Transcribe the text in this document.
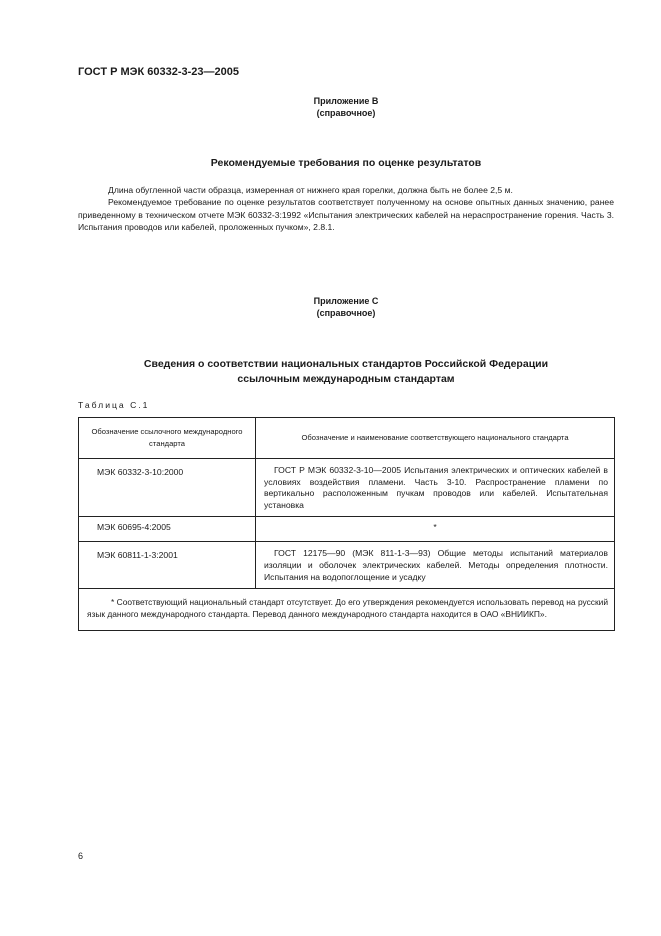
ГОСТ Р МЭК 60332-3-23—2005
Приложение B
(справочное)
Рекомендуемые требования по оценке результатов

Длина обугленной части образца, измеренная от нижнего края горелки, должна быть не более 2,5 м.

Рекомендуемое требование по оценке результатов соответствует полученному на основе опытных данных значению, ранее приведенному в техническом отчете МЭК 60332-3:1992 «Испытания электрических кабелей на нераспространение горения. Часть 3. Испытания проводов или кабелей, проложенных пучком», 2.8.1.

Приложение C
(справочное)
Сведения о соответствии национальных стандартов Российской Федерации
ссылочным международным стандартам
Таблица C.1
Обозначение ссылочного международного стандарта	Обозначение и наименование соответствующего национального стандарта
МЭК 60332-3-10:2000	ГОСТ Р МЭК 60332-3-10—2005 Испытания электрических и оптических кабелей в условиях воздействия пламени. Часть 3-10. Распространение пламени по вертикально расположенным пучкам проводов или кабелей. Испытательная установка
МЭК 60695-4:2005	*
МЭК 60811-1-3:2001	ГОСТ 12175—90 (МЭК 811-1-3—93) Общие методы испытаний материалов изоляции и оболочек электрических кабелей. Методы определения плотности. Испытания на водопоглощение и усадку
* Соответствующий национальный стандарт отсутствует. До его утверждения рекомендуется использовать перевод на русский язык данного международного стандарта. Перевод данного международного стандарта находится в ОАО «ВНИИКП».	
6
